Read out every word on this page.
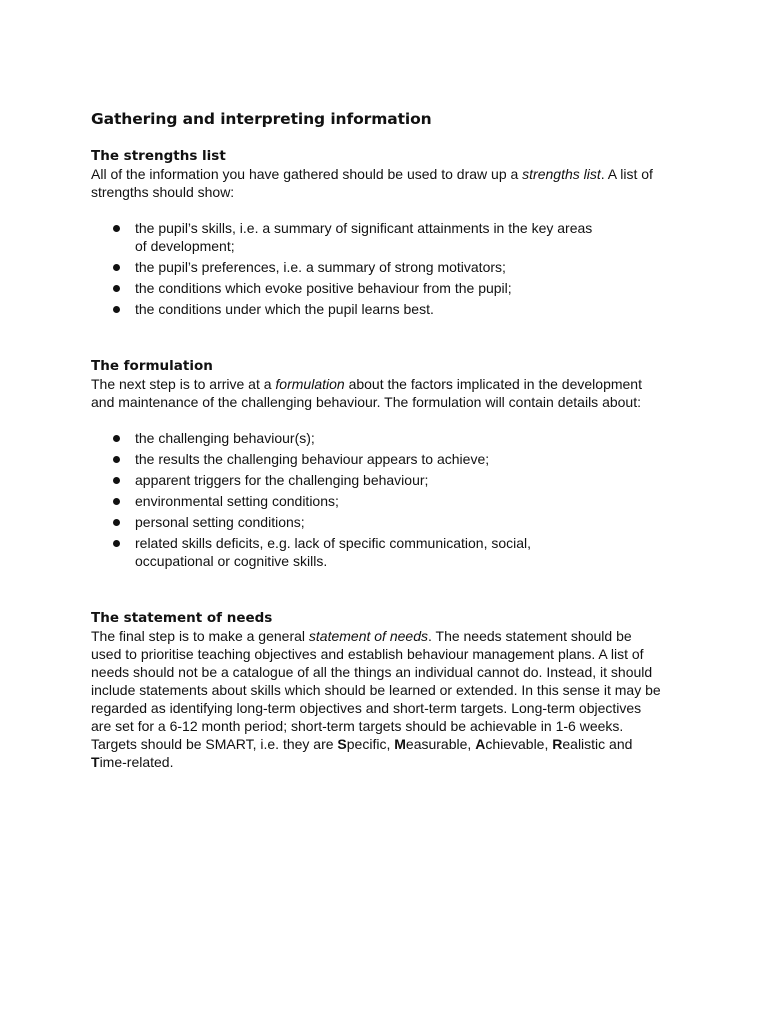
Gathering and interpreting information
The strengths list

All of the information you have gathered should be used to draw up a strengths list. A list of strengths should show:

the pupil’s skills, i.e. a summary of significant attainments in the key areas of development;
the pupil’s preferences, i.e. a summary of strong motivators;
the conditions which evoke positive behaviour from the pupil;
the conditions under which the pupil learns best.
The formulation

The next step is to arrive at a formulation about the factors implicated in the development and maintenance of the challenging behaviour. The formulation will contain details about:

the challenging behaviour(s);
the results the challenging behaviour appears to achieve;
apparent triggers for the challenging behaviour;
environmental setting conditions;
personal setting conditions;
related skills deficits, e.g. lack of specific communication, social, occupational or cognitive skills.
The statement of needs

The final step is to make a general statement of needs. The needs statement should be used to prioritise teaching objectives and establish behaviour management plans. A list of needs should not be a catalogue of all the things an individual cannot do. Instead, it should include statements about skills which should be learned or extended. In this sense it may be regarded as identifying long-term objectives and short-term targets. Long-term objectives are set for a 6-12 month period; short-term targets should be achievable in 1-6 weeks. Targets should be SMART, i.e. they are Specific, Measurable, Achievable, Realistic and Time-related.
